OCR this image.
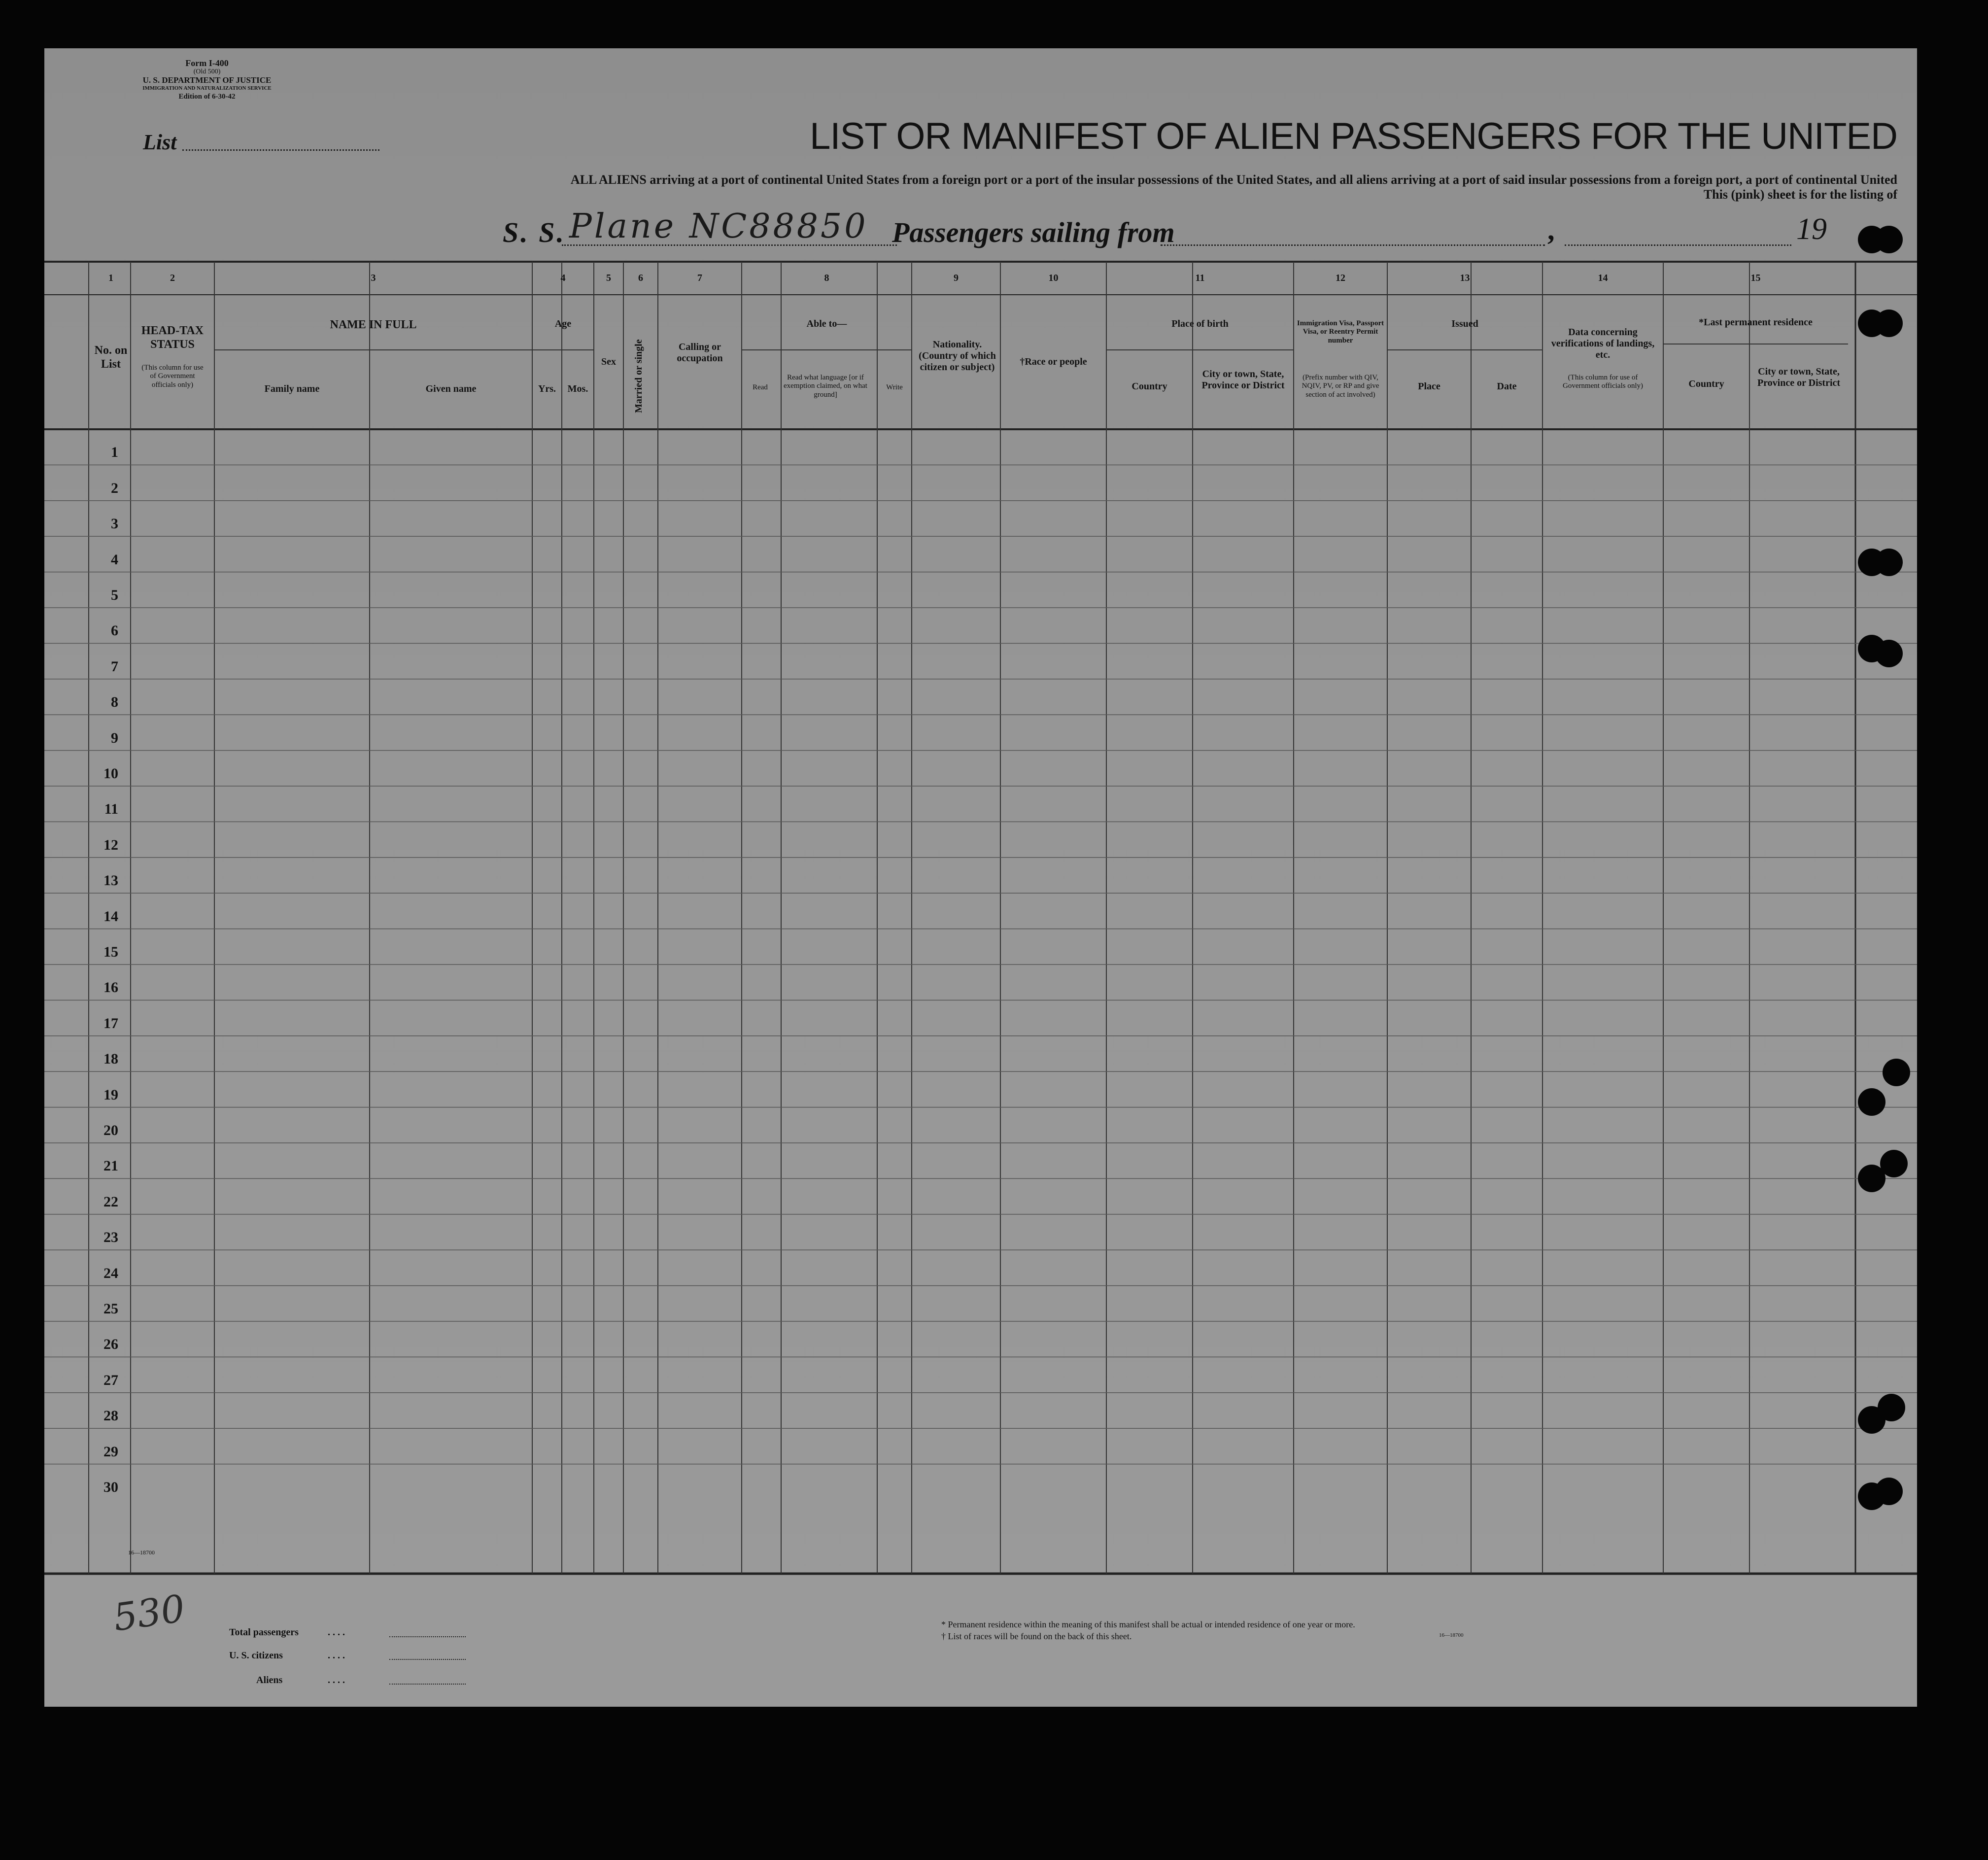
Form I-400
(Old 500)
U. S. DEPARTMENT OF JUSTICE
IMMIGRATION AND NATURALIZATION SERVICE
Edition of 6-30-42
List	LIST OR MANIFEST OF ALIEN PASSENGERS FOR THE UNITED
ALL ALIENS arriving at a port of continental United States from a foreign port or a port of the insular possessions of the United States, and all aliens arriving at a port of said insular possessions from a foreign port, a port of continental United
This (pink) sheet is for the listing of
S. S. Plane NC88850 Passengers sailing from	,	19
1	2	3	4	5	6	7	8	9	10	11	12	13	14	15
No. on List
HEAD-TAX STATUS
(This column for use of Government officials only)
NAME IN FULL
Family name	Given name
Age
Yrs.	Mos.
Sex	Married or single	Calling or occupation
Able to—
Read
Read what language [or if exemption claimed, on what ground]
Write
Nationality. (Country of which citizen or subject)	†Race or people
Place of birth
Country
City or town, State, Province or District
Immigration Visa, Passport Visa, or Reentry Permit number
(Prefix number with QIV, NQIV, PV, or RP and give section of act involved)
Issued
Place	Date
Data concerning verifications of landings, etc.
(This column for use of Government officials only)
*Last permanent residence
Country
City or town, State, Province or District
1
2
3
4
5
6
7
8
9
10
11
12
13
14
15
16
17
18
19
20
21
22
23
24
25
26
27
28
29
30
16—18700
530	Total passengers	. . . .
U. S. citizens	. . . .
Aliens	. . . .
* Permanent residence within the meaning of this manifest shall be actual or intended residence of one year or more.
† List of races will be found on the back of this sheet.	16—18700
